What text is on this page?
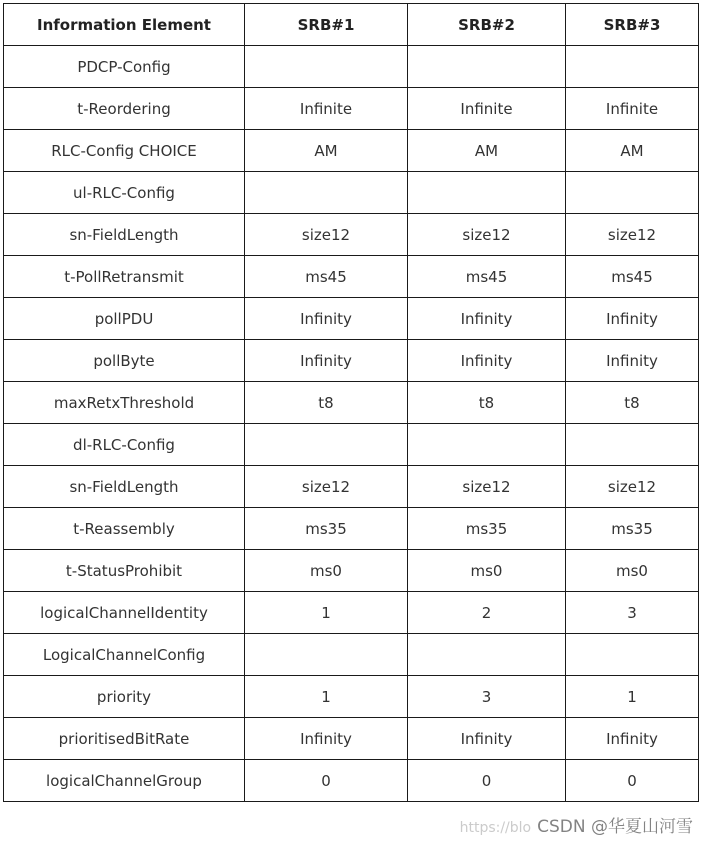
Information Element	SRB#1	SRB#2	SRB#3
PDCP-Config			
t-Reordering	Infinite	Infinite	Infinite
RLC-Config CHOICE	AM	AM	AM
ul-RLC-Config			
sn-FieldLength	size12	size12	size12
t-PollRetransmit	ms45	ms45	ms45
pollPDU	Infinity	Infinity	Infinity
pollByte	Infinity	Infinity	Infinity
maxRetxThreshold	t8	t8	t8
dl-RLC-Config			
sn-FieldLength	size12	size12	size12
t-Reassembly	ms35	ms35	ms35
t-StatusProhibit	ms0	ms0	ms0
logicalChannelIdentity	1	2	3
LogicalChannelConfig			
priority	1	3	1
prioritisedBitRate	Infinity	Infinity	Infinity
logicalChannelGroup	0	0	0
https://blo CSDN @华夏山河雪
